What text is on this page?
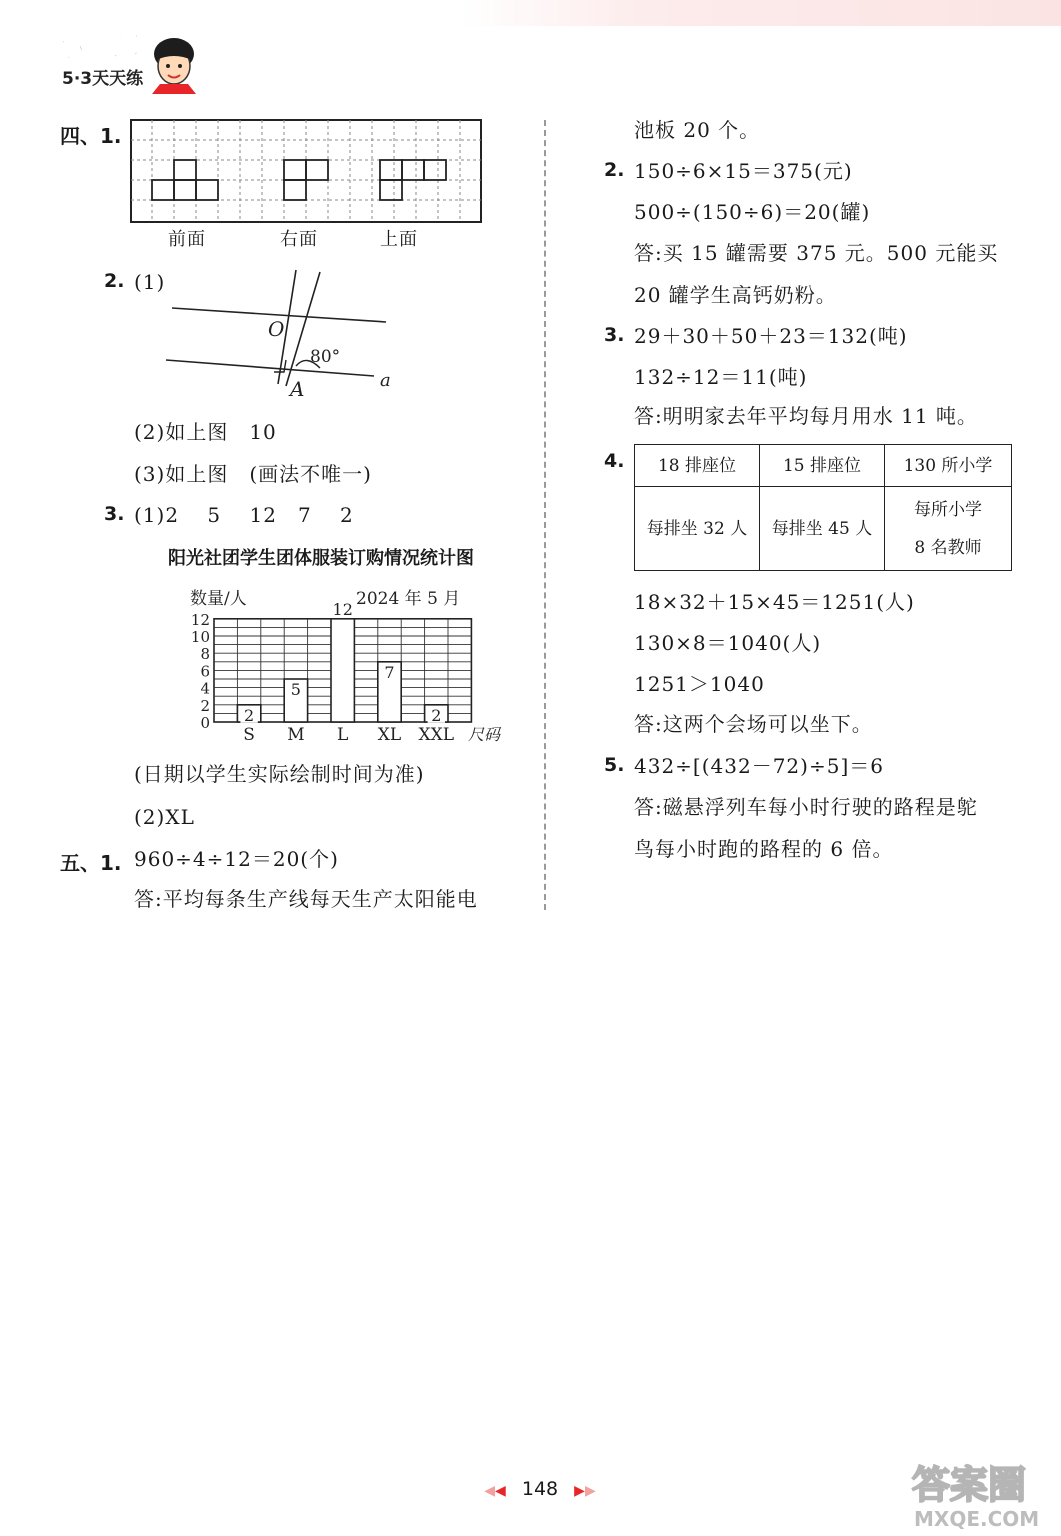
小儿郎
5·3天天练
四、1.
前面	右面	上面
2. (1)
O
80°
A	a
(2)如上图　10
(3)如上图　(画法不唯一)
3. (1)2　 5　 12　7　 2
阳光社团学生团体服装订购情况统计图
数量/人	2024 年 5 月
尺码
2
5
12
7
2
0
2
4
6
8
10
12
S M L XL XXL
(日期以学生实际绘制时间为准)
(2)XL
五、1. 960÷4÷12＝20(个)
答:平均每条生产线每天生产太阳能电
池板 20 个。
2. 150÷6×15＝375(元)
500÷(150÷6)＝20(罐)
答:买 15 罐需要 375 元。500 元能买
20 罐学生高钙奶粉。
3. 29＋30＋50＋23＝132(吨)
132÷12＝11(吨)
答:明明家去年平均每月用水 11 吨。
4. 18 排座位	15 排座位	130 所小学
每排坐 32 人	每排坐 45 人	每所小学
8 名教师
18×32＋15×45＝1251(人)
130×8＝1040(人)
1251＞1040
答:这两个会场可以坐下。
5. 432÷[(432－72)÷5]＝6
答:磁悬浮列车每小时行驶的路程是鸵
鸟每小时跑的路程的 6 倍。
◀◀ 148 ▶▶	答案圈
MXQE.COM
